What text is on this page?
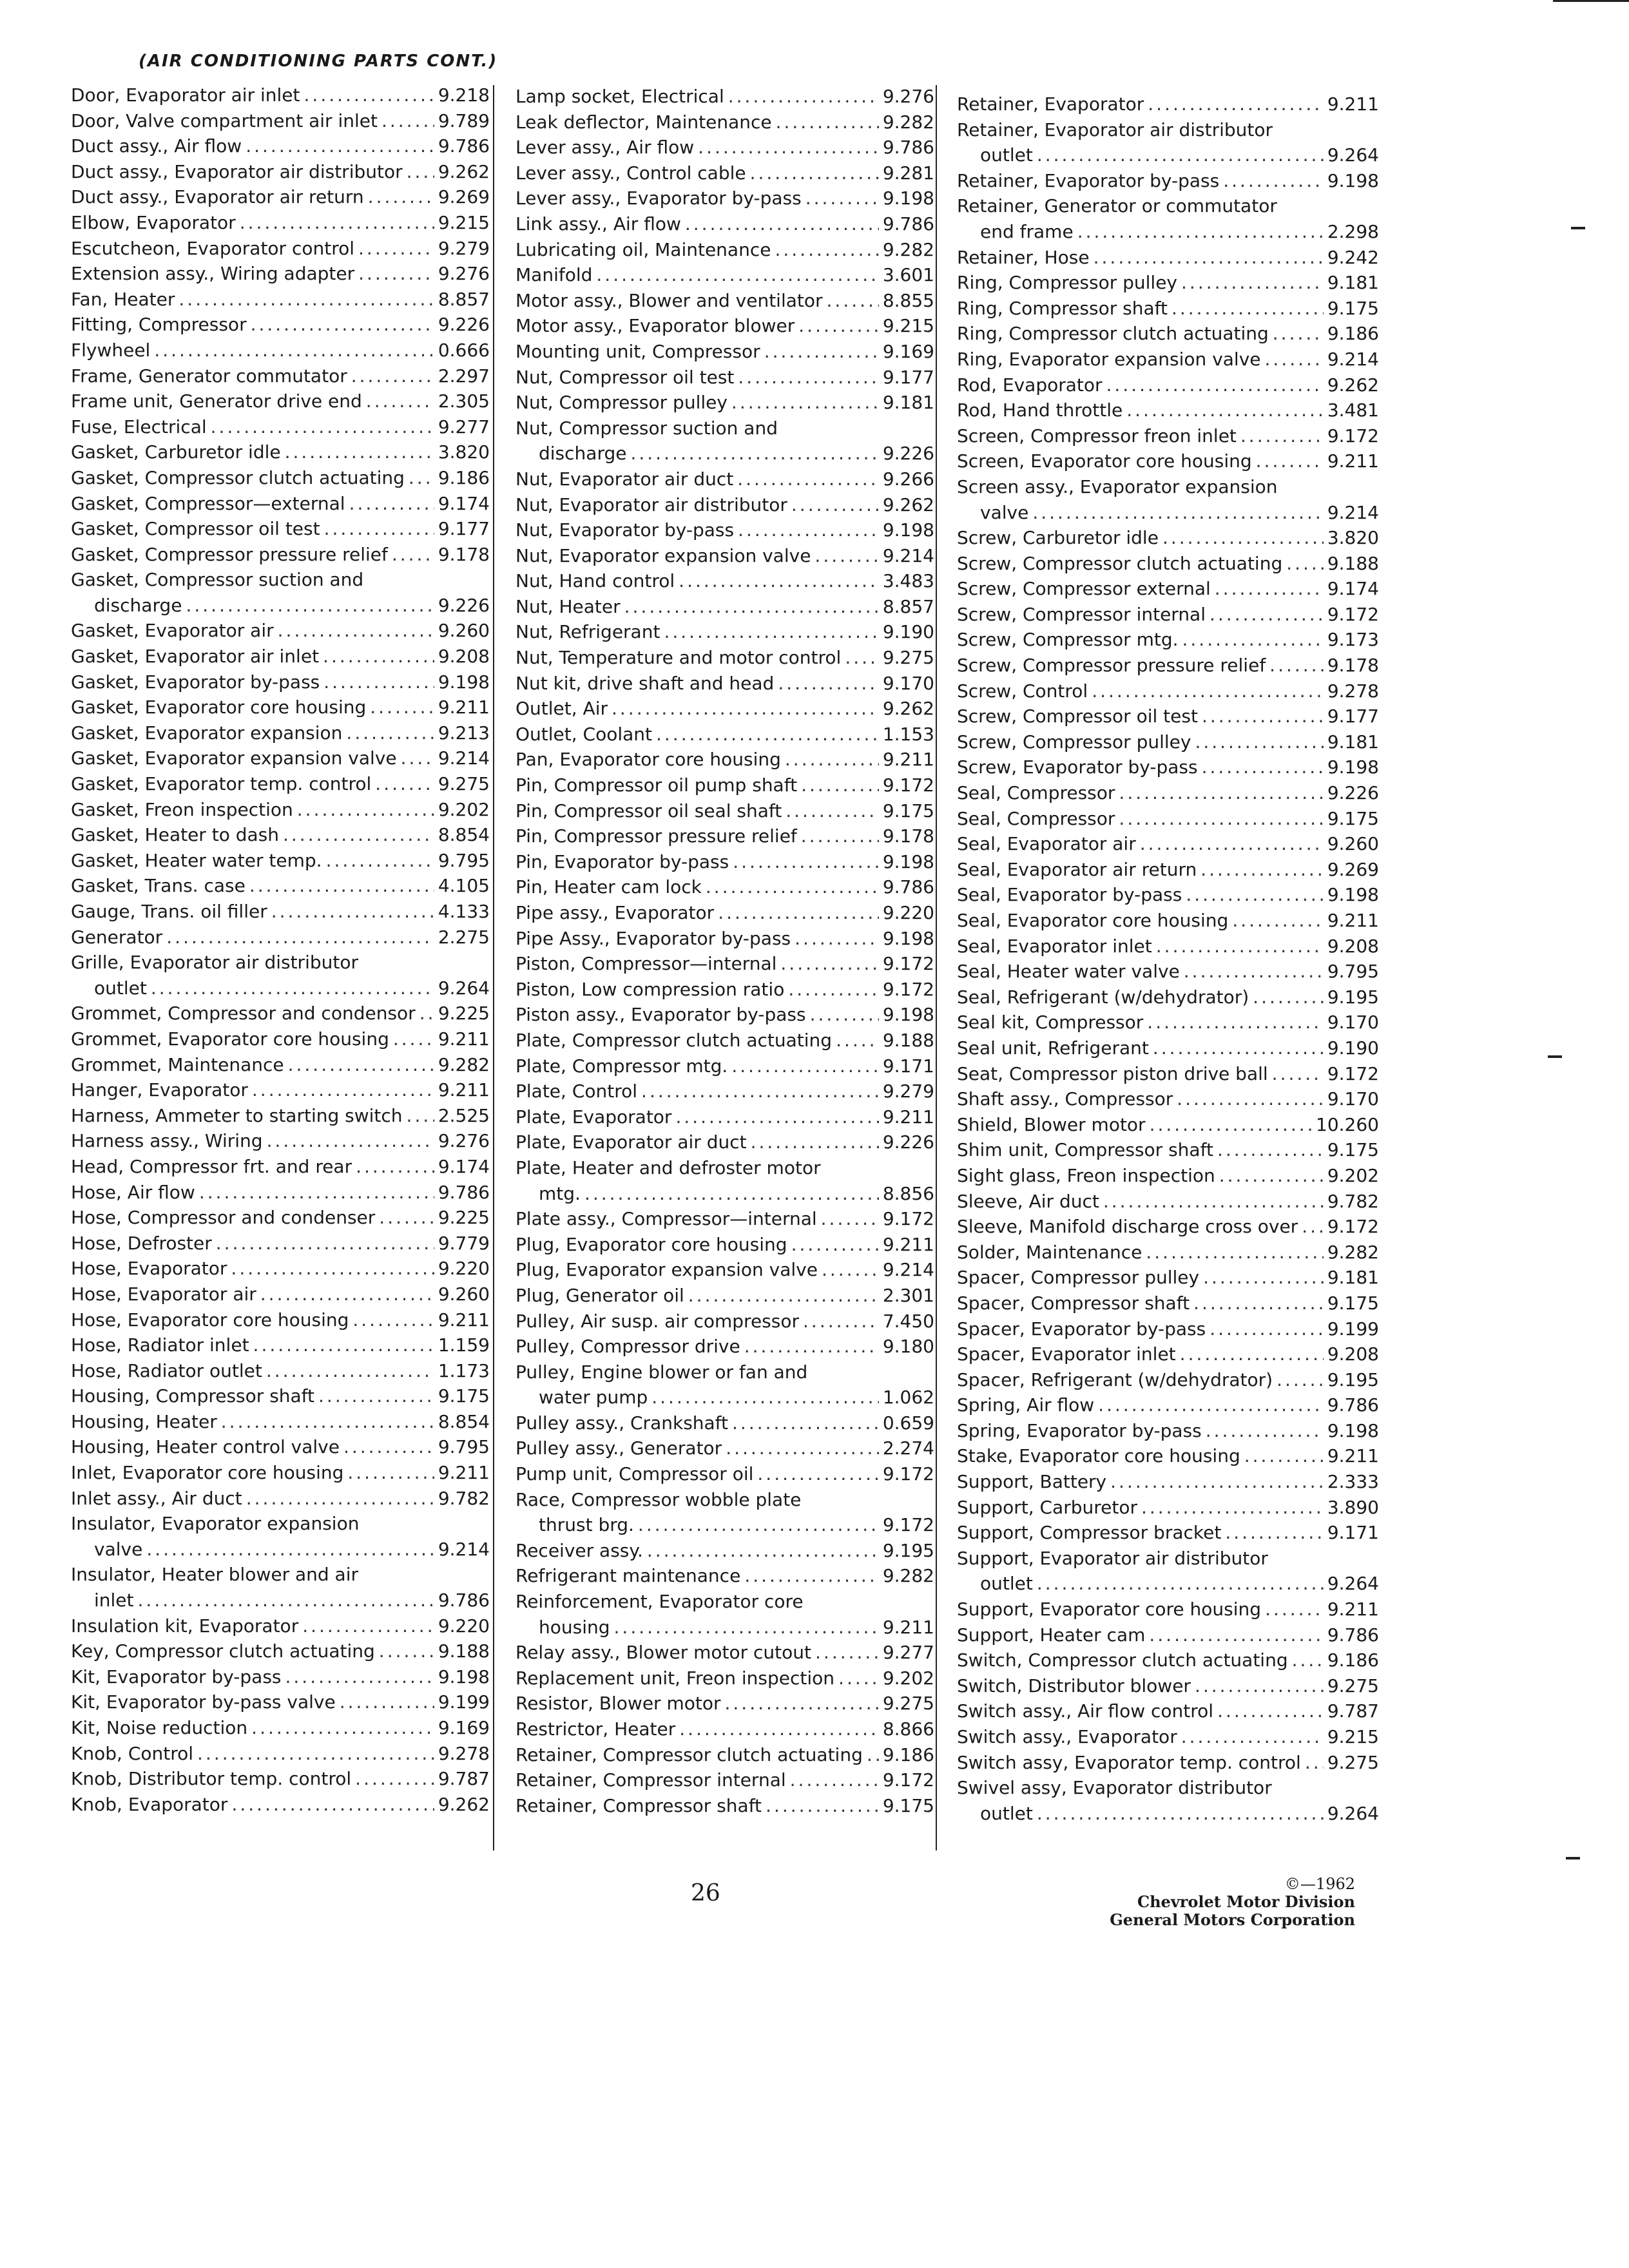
(AIR CONDITIONING PARTS CONT.)
Door, Evaporator air inlet .....	9.218
Door, Valve compartment air inlet .....	9.789
Duct assy., Air flow .....	9.786
Duct assy., Evaporator air distributor ..... 9.262
Duct assy., Evaporator air return .....	9.269
Elbow, Evaporator .....	9.215
Escutcheon, Evaporator control .....	9.279
Extension assy., Wiring adapter .....	9.276
Fan, Heater .....	8.857
Fitting, Compressor .....	9.226
Flywheel .....	0.666
Frame, Generator commutator .....	2.297
Frame unit, Generator drive end .....	2.305
Fuse, Electrical .....	9.277
Gasket, Carburetor idle .....	3.820
Gasket, Compressor clutch actuating ..... 9.186
Gasket, Compressor—external .....	9.174
Gasket, Compressor oil test .....	9.177
Gasket, Compressor pressure relief .....	9.178
Gasket, Compressor suction and
discharge .....	9.226
Gasket, Evaporator air .....	9.260
Gasket, Evaporator air inlet .....	9.208
Gasket, Evaporator by-pass .....	9.198
Gasket, Evaporator core housing .....	9.211
Gasket, Evaporator expansion .....	9.213
Gasket, Evaporator expansion valve ..... 9.214
Gasket, Evaporator temp. control .....	9.275
Gasket, Freon inspection .....	9.202
Gasket, Heater to dash .....	8.854
Gasket, Heater water temp. .....	9.795
Gasket, Trans. case .....	4.105
Gauge, Trans. oil filler .....	4.133
Generator .....	2.275
Grille, Evaporator air distributor
outlet .....	9.264
Grommet, Compressor and condensor ..... 9.225
Grommet, Evaporator core housing .....	9.211
Grommet, Maintenance .....	9.282
Hanger, Evaporator .....	9.211
Harness, Ammeter to starting switch ..... 2.525
Harness assy., Wiring .....	9.276
Head, Compressor frt. and rear .....	9.174
Hose, Air flow .....	9.786
Hose, Compressor and condenser .....	9.225
Hose, Defroster .....	9.779
Hose, Evaporator .....	9.220
Hose, Evaporator air .....	9.260
Hose, Evaporator core housing .....	9.211
Hose, Radiator inlet .....	1.159
Hose, Radiator outlet .....	1.173
Housing, Compressor shaft .....	9.175
Housing, Heater .....	8.854
Housing, Heater control valve .....	9.795
Inlet, Evaporator core housing .....	9.211
Inlet assy., Air duct .....	9.782
Insulator, Evaporator expansion
valve .....	9.214
Insulator, Heater blower and air
inlet .....	9.786
Insulation kit, Evaporator .....	9.220
Key, Compressor clutch actuating .....	9.188
Kit, Evaporator by-pass .....	9.198
Kit, Evaporator by-pass valve .....	9.199
Kit, Noise reduction .....	9.169
Knob, Control .....	9.278
Knob, Distributor temp. control .....	9.787
Knob, Evaporator .....	9.262
Lamp socket, Electrical .....	9.276
Leak deflector, Maintenance .....	9.282
Lever assy., Air flow .....	9.786
Lever assy., Control cable .....	9.281
Lever assy., Evaporator by-pass .....	9.198
Link assy., Air flow .....	9.786
Lubricating oil, Maintenance .....	9.282
Manifold .....	3.601
Motor assy., Blower and ventilator .....	8.855
Motor assy., Evaporator blower .....	9.215
Mounting unit, Compressor .....	9.169
Nut, Compressor oil test .....	9.177
Nut, Compressor pulley .....	9.181
Nut, Compressor suction and
discharge .....	9.226
Nut, Evaporator air duct .....	9.266
Nut, Evaporator air distributor .....	9.262
Nut, Evaporator by-pass .....	9.198
Nut, Evaporator expansion valve .....	9.214
Nut, Hand control .....	3.483
Nut, Heater .....	8.857
Nut, Refrigerant .....	9.190
Nut, Temperature and motor control ..... 9.275
Nut kit, drive shaft and head .....	9.170
Outlet, Air .....	9.262
Outlet, Coolant .....	1.153
Pan, Evaporator core housing .....	9.211
Pin, Compressor oil pump shaft .....	9.172
Pin, Compressor oil seal shaft .....	9.175
Pin, Compressor pressure relief .....	9.178
Pin, Evaporator by-pass .....	9.198
Pin, Heater cam lock .....	9.786
Pipe assy., Evaporator .....	9.220
Pipe Assy., Evaporator by-pass .....	9.198
Piston, Compressor—internal .....	9.172
Piston, Low compression ratio .....	9.172
Piston assy., Evaporator by-pass .....	9.198
Plate, Compressor clutch actuating .....	9.188
Plate, Compressor mtg. .....	9.171
Plate, Control .....	9.279
Plate, Evaporator .....	9.211
Plate, Evaporator air duct .....	9.226
Plate, Heater and defroster motor
mtg. .....	8.856
Plate assy., Compressor—internal .....	9.172
Plug, Evaporator core housing .....	9.211
Plug, Evaporator expansion valve .....	9.214
Plug, Generator oil .....	2.301
Pulley, Air susp. air compressor .....	7.450
Pulley, Compressor drive .....	9.180
Pulley, Engine blower or fan and
water pump .....	1.062
Pulley assy., Crankshaft .....	0.659
Pulley assy., Generator .....	2.274
Pump unit, Compressor oil .....	9.172
Race, Compressor wobble plate
thrust brg. .....	9.172
Receiver assy. .....	9.195
Refrigerant maintenance .....	9.282
Reinforcement, Evaporator core
housing .....	9.211
Relay assy., Blower motor cutout .....	9.277
Replacement unit, Freon inspection .....	9.202
Resistor, Blower motor .....	9.275
Restrictor, Heater .....	8.866
Retainer, Compressor clutch actuating ..... 9.186
Retainer, Compressor internal .....	9.172
Retainer, Compressor shaft .....	9.175
Retainer, Evaporator .....	9.211
Retainer, Evaporator air distributor
outlet .....	9.264
Retainer, Evaporator by-pass .....	9.198
Retainer, Generator or commutator
end frame .....	2.298
Retainer, Hose .....	9.242
Ring, Compressor pulley .....	9.181
Ring, Compressor shaft .....	9.175
Ring, Compressor clutch actuating .....	9.186
Ring, Evaporator expansion valve .....	9.214
Rod, Evaporator .....	9.262
Rod, Hand throttle .....	3.481
Screen, Compressor freon inlet .....	9.172
Screen, Evaporator core housing .....	9.211
Screen assy., Evaporator expansion
valve .....	9.214
Screw, Carburetor idle .....	3.820
Screw, Compressor clutch actuating ..... 9.188
Screw, Compressor external .....	9.174
Screw, Compressor internal .....	9.172
Screw, Compressor mtg. .....	9.173
Screw, Compressor pressure relief .....	9.178
Screw, Control .....	9.278
Screw, Compressor oil test .....	9.177
Screw, Compressor pulley .....	9.181
Screw, Evaporator by-pass .....	9.198
Seal, Compressor .....	9.226
Seal, Compressor .....	9.175
Seal, Evaporator air .....	9.260
Seal, Evaporator air return .....	9.269
Seal, Evaporator by-pass .....	9.198
Seal, Evaporator core housing .....	9.211
Seal, Evaporator inlet .....	9.208
Seal, Heater water valve .....	9.795
Seal, Refrigerant (w/dehydrator) .....	9.195
Seal kit, Compressor .....	9.170
Seal unit, Refrigerant .....	9.190
Seat, Compressor piston drive ball .....	9.172
Shaft assy., Compressor .....	9.170
Shield, Blower motor .....	10.260
Shim unit, Compressor shaft .....	9.175
Sight glass, Freon inspection .....	9.202
Sleeve, Air duct .....	9.782
Sleeve, Manifold discharge cross over ..... 9.172
Solder, Maintenance .....	9.282
Spacer, Compressor pulley .....	9.181
Spacer, Compressor shaft .....	9.175
Spacer, Evaporator by-pass .....	9.199
Spacer, Evaporator inlet .....	9.208
Spacer, Refrigerant (w/dehydrator) .....	9.195
Spring, Air flow .....	9.786
Spring, Evaporator by-pass .....	9.198
Stake, Evaporator core housing .....	9.211
Support, Battery .....	2.333
Support, Carburetor .....	3.890
Support, Compressor bracket .....	9.171
Support, Evaporator air distributor
outlet .....	9.264
Support, Evaporator core housing .....	9.211
Support, Heater cam .....	9.786
Switch, Compressor clutch actuating ..... 9.186
Switch, Distributor blower .....	9.275
Switch assy., Air flow control .....	9.787
Switch assy., Evaporator .....	9.215
Switch assy, Evaporator temp. control ..... 9.275
Swivel assy, Evaporator distributor
outlet .....	9.264
26	©—1962
Chevrolet Motor Division
General Motors Corporation
